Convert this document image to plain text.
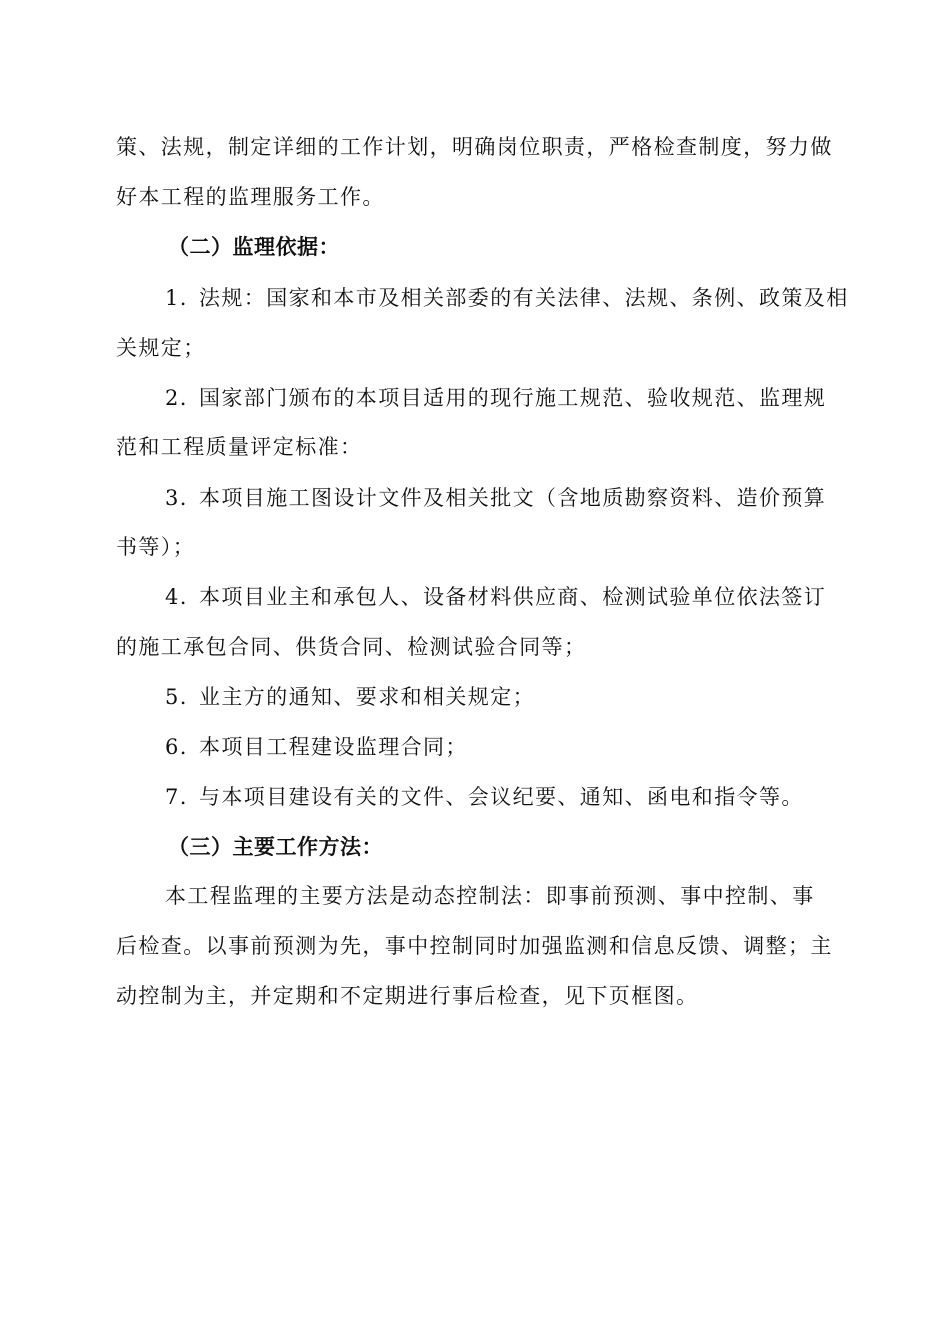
策、法规，制定详细的工作计划，明确岗位职责，严格检查制度，努力做
好本工程的监理服务工作。
（二）监理依据：
1. 法规：国家和本市及相关部委的有关法律、法规、条例、政策及相
关规定；
2. 国家部门颁布的本项目适用的现行施工规范、验收规范、监理规
范和工程质量评定标准：
3. 本项目施工图设计文件及相关批文（含地质勘察资料、造价预算
书等）；
4. 本项目业主和承包人、设备材料供应商、检测试验单位依法签订
的施工承包合同、供货合同、检测试验合同等；
5. 业主方的通知、要求和相关规定；
6. 本项目工程建设监理合同；
7. 与本项目建设有关的文件、会议纪要、通知、函电和指令等。
（三）主要工作方法：
本工程监理的主要方法是动态控制法：即事前预测、事中控制、事
后检查。以事前预测为先，事中控制同时加强监测和信息反馈、调整；主
动控制为主，并定期和不定期进行事后检查，见下页框图。
